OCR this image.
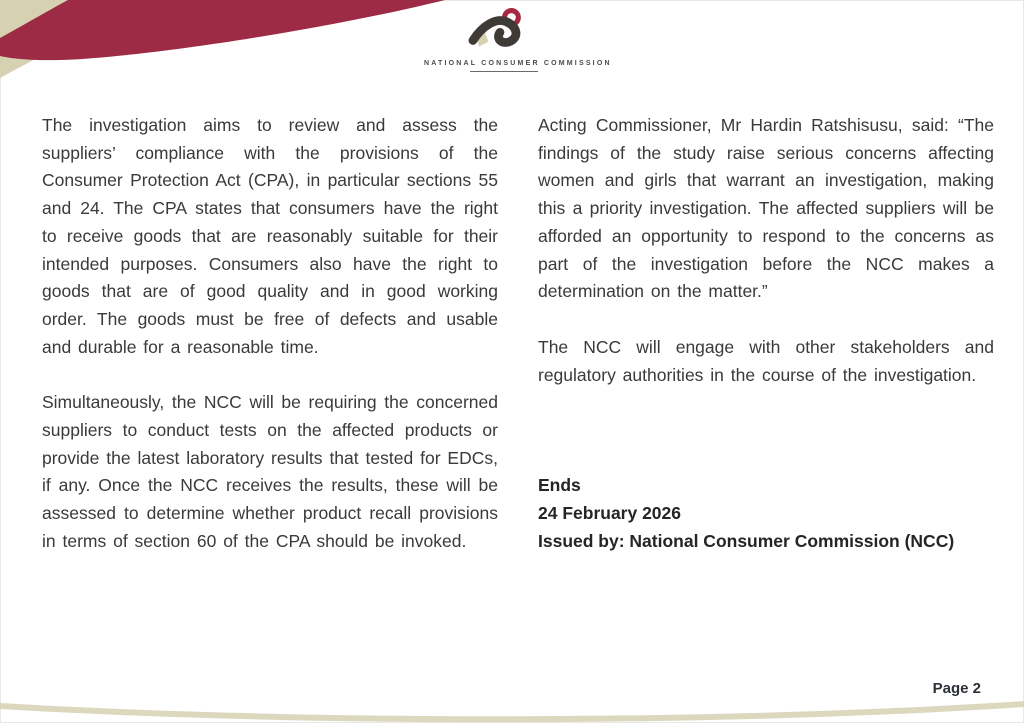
NATIONAL CONSUMER COMMISSION

The investigation aims to review and assess the suppliers’ compliance with the provisions of the Consumer Protection Act (CPA), in particular sections 55 and 24. The CPA states that consumers have the right to receive goods that are reasonably suitable for their intended purposes. Consumers also have the right to goods that are of good quality and in good working order. The goods must be free of defects and usable and durable for a reasonable time.

Simultaneously, the NCC will be requiring the concerned suppliers to conduct tests on the affected products or provide the latest laboratory results that tested for EDCs, if any. Once the NCC receives the results, these will be assessed to determine whether product recall provisions in terms of section 60 of the CPA should be invoked.

Acting Commissioner, Mr Hardin Ratshisusu, said: “The findings of the study raise serious concerns affecting women and girls that warrant an investigation, making this a priority investigation. The affected suppliers will be afforded an opportunity to respond to the concerns as part of the investigation before the NCC makes a determination on the matter.”

The NCC will engage with other stakeholders and regulatory authorities in the course of the investigation.

Ends
24 February 2026
Issued by: National Consumer Commission (NCC)
Page 2
